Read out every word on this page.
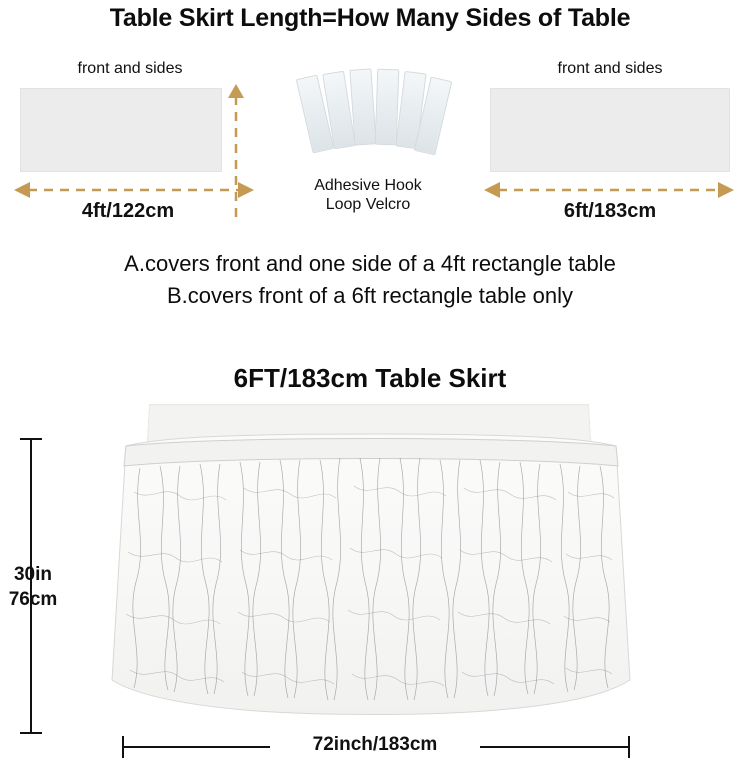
Table Skirt Length=How Many Sides of Table
front and sides
4ft/122cm
Adhesive Hook
Loop Velcro
front and sides
6ft/183cm
A.covers front and one side of a 4ft rectangle table
B.covers front of a 6ft rectangle table only
6FT/183cm Table Skirt
30in
76cm
72inch/183cm
